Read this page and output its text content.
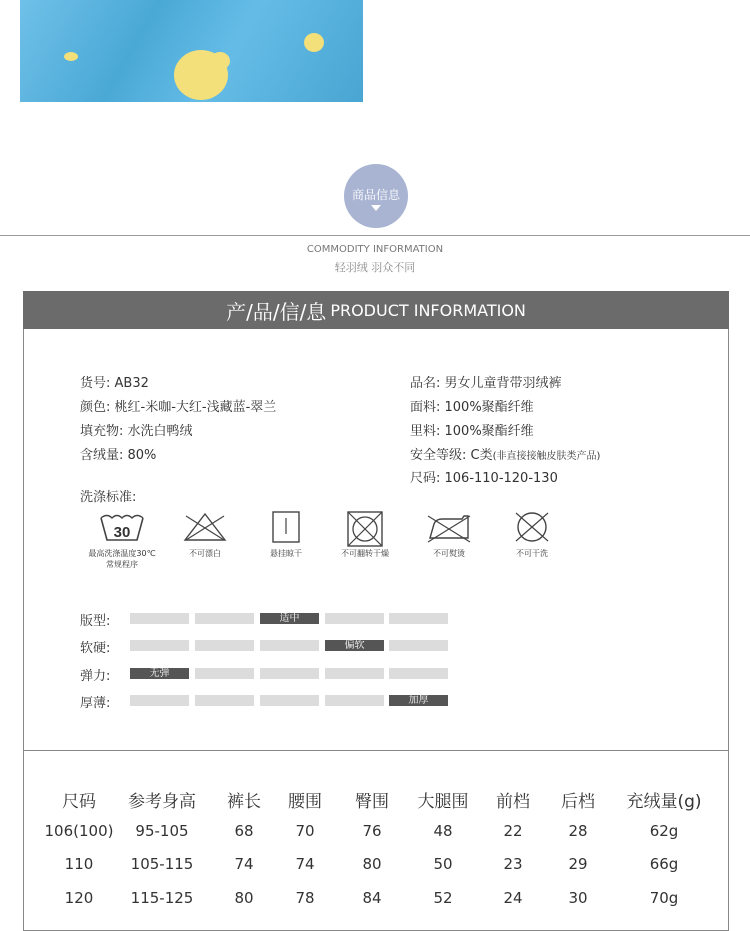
商品信息
COMMODITY INFORMATION
轻羽绒 羽众不同
产/品/信/息 PRODUCT INFORMATION
货号: AB32
颜色: 桃红-米咖-大红-浅藏蓝-翠兰
填充物: 水洗白鸭绒
含绒量: 80%
品名: 男女儿童背带羽绒裤
面料: 100%聚酯纤维
里料: 100%聚酯纤维
安全等级: C类(非直接接触皮肤类产品)
尺码: 106-110-120-130
洗涤标准:
30
最高洗涤温度30℃
常规程序
不可漂白	悬挂晾干	不可翻转干燥	不可熨烫	不可干洗
版型:	适中
软硬:	偏软
弹力:	无弹
厚薄:	加厚
尺码	参考身高	裤长	腰围	臀围	大腿围	前档	后档	充绒量(g)
106(100)	95-105	68	70	76	48	22	28	62g
110	105-115	74	74	80	50	23	29	66g
120	115-125	80	78	84	52	24	30	70g
